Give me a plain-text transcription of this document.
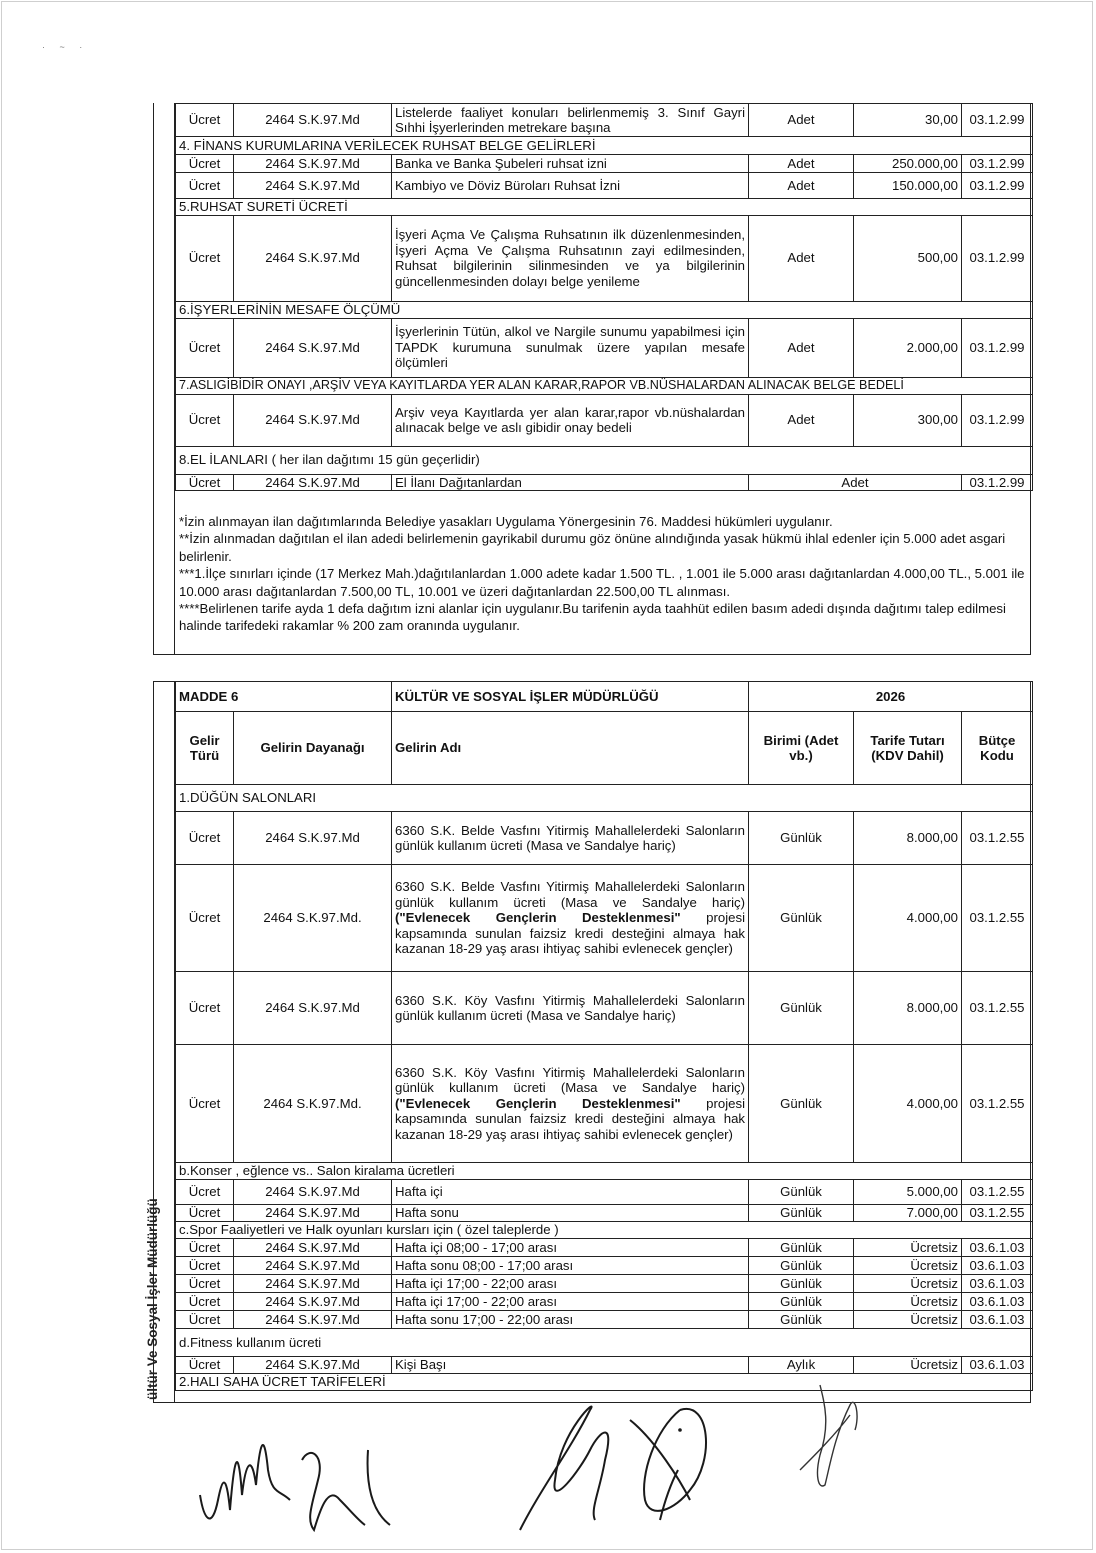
· ~ ·
Ücret	2464 S.K.97.Md	Listelerde faaliyet konuları belirlenmemiş 3. Sınıf Gayri Sıhhi İşyerlerinden metrekare başına	Adet	30,00	03.1.2.99
4. FİNANS KURUMLARINA VERİLECEK RUHSAT BELGE GELİRLERİ					
Ücret	2464 S.K.97.Md	Banka ve Banka Şubeleri ruhsat izni	Adet	250.000,00	03.1.2.99
Ücret	2464 S.K.97.Md	Kambiyo ve Döviz Büroları Ruhsat İzni	Adet	150.000,00	03.1.2.99
5.RUHSAT SURETİ ÜCRETİ					
Ücret	2464 S.K.97.Md	İşyeri Açma Ve Çalışma Ruhsatının ilk düzenlenmesinden, İşyeri Açma Ve Çalışma Ruhsatının zayi edilmesinden, Ruhsat bilgilerinin silinmesinden ve ya bilgilerinin güncellenmesinden dolayı belge yenileme	Adet	500,00	03.1.2.99
6.İŞYERLERİNİN MESAFE ÖLÇÜMÜ					
Ücret	2464 S.K.97.Md	İşyerlerinin Tütün, alkol ve Nargile sunumu yapabilmesi için TAPDK kurumuna sunulmak üzere yapılan mesafe ölçümleri	Adet	2.000,00	03.1.2.99
7.ASLIGİBİDİR ONAYI ,ARŞİV VEYA KAYITLARDA YER ALAN KARAR,RAPOR VB.NÜSHALARDAN ALINACAK BELGE BEDELİ					
Ücret	2464 S.K.97.Md	Arşiv veya Kayıtlarda yer alan karar,rapor vb.nüshalardan alınacak belge ve aslı gibidir onay bedeli	Adet	300,00	03.1.2.99
8.EL İLANLARI ( her ilan dağıtımı 15 gün geçerlidir)					
Ücret	2464 S.K.97.Md	El İlanı Dağıtanlardan	Adet		03.1.2.99

*İzin alınmayan ilan dağıtımlarında Belediye yasakları Uygulama Yönergesinin 76. Maddesi hükümleri uygulanır.

**İzin alınmadan dağıtılan el ilan adedi belirlemenin gayrikabil durumu göz önüne alındığında yasak hükmü ihlal edenler için 5.000 adet asgari belirlenir.

***1.İlçe sınırları içinde (17 Merkez Mah.)dağıtılanlardan 1.000 adete kadar 1.500 TL. , 1.001 ile 5.000 arası dağıtanlardan 4.000,00 TL., 5.001 ile 10.000 arası dağıtanlardan 7.500,00 TL, 10.001 ve üzeri dağıtanlardan 22.500,00 TL alınması.

****Belirlenen tarife ayda 1 defa dağıtım izni alanlar için uygulanır.Bu tarifenin ayda taahhüt edilen basım adedi dışında dağıtımı talep edilmesi halinde tarifedeki rakamlar % 200 zam oranında uygulanır.

ültür Ve Sosyal İşler Müdürlüğü
MADDE 6		KÜLTÜR VE SOSYAL İŞLER MÜDÜRLÜĞÜ	2026		
Gelir Türü	Gelirin Dayanağı	Gelirin Adı	Birimi (Adet vb.)	Tarife Tutarı (KDV Dahil)	Bütçe Kodu
1.DÜĞÜN SALONLARI					
Ücret	2464 S.K.97.Md	6360 S.K. Belde Vasfını Yitirmiş Mahallelerdeki Salonların günlük kullanım ücreti (Masa ve Sandalye hariç)	Günlük	8.000,00	03.1.2.55
Ücret	2464 S.K.97.Md.	6360 S.K. Belde Vasfını Yitirmiş Mahallelerdeki Salonların günlük kullanım ücreti (Masa ve Sandalye hariç) ("Evlenecek Gençlerin Desteklenmesi" projesi kapsamında sunulan faizsiz kredi desteğini almaya hak kazanan 18-29 yaş arası ihtiyaç sahibi evlenecek gençler)	Günlük	4.000,00	03.1.2.55
Ücret	2464 S.K.97.Md	6360 S.K. Köy Vasfını Yitirmiş Mahallelerdeki Salonların günlük kullanım ücreti (Masa ve Sandalye hariç)	Günlük	8.000,00	03.1.2.55
Ücret	2464 S.K.97.Md.	6360 S.K. Köy Vasfını Yitirmiş Mahallelerdeki Salonların günlük kullanım ücreti (Masa ve Sandalye hariç) ("Evlenecek Gençlerin Desteklenmesi" projesi kapsamında sunulan faizsiz kredi desteğini almaya hak kazanan 18-29 yaş arası ihtiyaç sahibi evlenecek gençler)	Günlük	4.000,00	03.1.2.55
b.Konser , eğlence vs.. Salon kiralama ücretleri					
Ücret	2464 S.K.97.Md	Hafta içi	Günlük	5.000,00	03.1.2.55
Ücret	2464 S.K.97.Md	Hafta sonu	Günlük	7.000,00	03.1.2.55
c.Spor Faaliyetleri ve Halk oyunları kursları için ( özel taleplerde )					
Ücret	2464 S.K.97.Md	Hafta içi 08;00 - 17;00 arası	Günlük	Ücretsiz	03.6.1.03
Ücret	2464 S.K.97.Md	Hafta sonu 08;00 - 17;00 arası	Günlük	Ücretsiz	03.6.1.03
Ücret	2464 S.K.97.Md	Hafta içi 17;00 - 22;00 arası	Günlük	Ücretsiz	03.6.1.03
Ücret	2464 S.K.97.Md	Hafta içi 17;00 - 22;00 arası	Günlük	Ücretsiz	03.6.1.03
Ücret	2464 S.K.97.Md	Hafta sonu 17;00 - 22;00 arası	Günlük	Ücretsiz	03.6.1.03
d.Fitness kullanım ücreti					
Ücret	2464 S.K.97.Md	Kişi Başı	Aylık	Ücretsiz	03.6.1.03
2.HALI SAHA ÜCRET TARİFELERİ					
